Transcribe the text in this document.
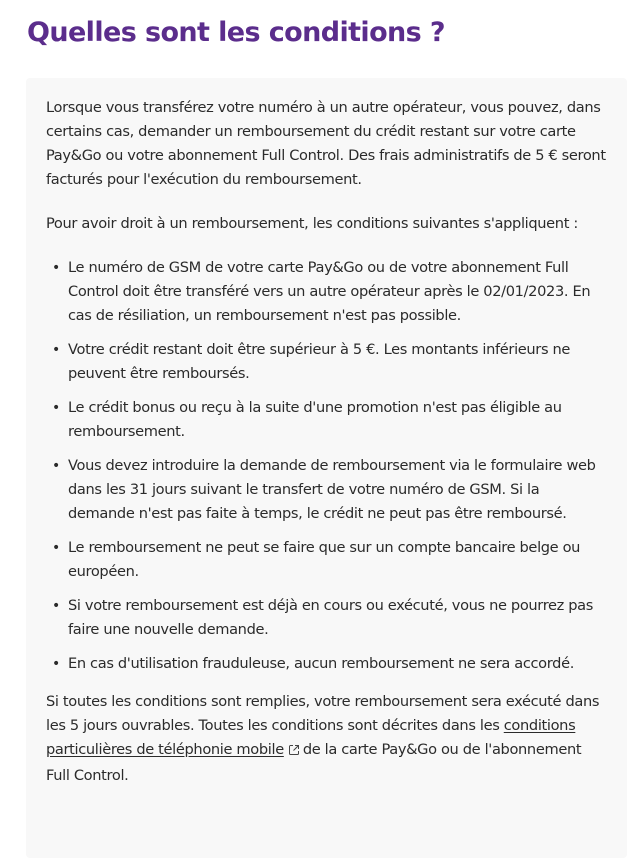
Quelles sont les conditions ?

Lorsque vous transférez votre numéro à un autre opérateur, vous pouvez, dans certains cas, demander un remboursement du crédit restant sur votre carte Pay&Go ou votre abonnement Full Control. Des frais administratifs de 5 € seront facturés pour l'exécution du remboursement.

Pour avoir droit à un remboursement, les conditions suivantes s'appliquent :

• Le numéro de GSM de votre carte Pay&Go ou de votre abonnement Full Control doit être transféré vers un autre opérateur après le 02/01/2023. En cas de résiliation, un remboursement n'est pas possible.
• Votre crédit restant doit être supérieur à 5 €. Les montants inférieurs ne peuvent être remboursés.
• Le crédit bonus ou reçu à la suite d'une promotion n'est pas éligible au remboursement.
• Vous devez introduire la demande de remboursement via le formulaire web dans les 31 jours suivant le transfert de votre numéro de GSM. Si la demande n'est pas faite à temps, le crédit ne peut pas être remboursé.
• Le remboursement ne peut se faire que sur un compte bancaire belge ou européen.
• Si votre remboursement est déjà en cours ou exécuté, vous ne pourrez pas faire une nouvelle demande.
• En cas d'utilisation frauduleuse, aucun remboursement ne sera accordé.

Si toutes les conditions sont remplies, votre remboursement sera exécuté dans les 5 jours ouvrables. Toutes les conditions sont décrites dans les conditions particulières de téléphonie mobile de la carte Pay&Go ou de l'abonnement Full Control.
